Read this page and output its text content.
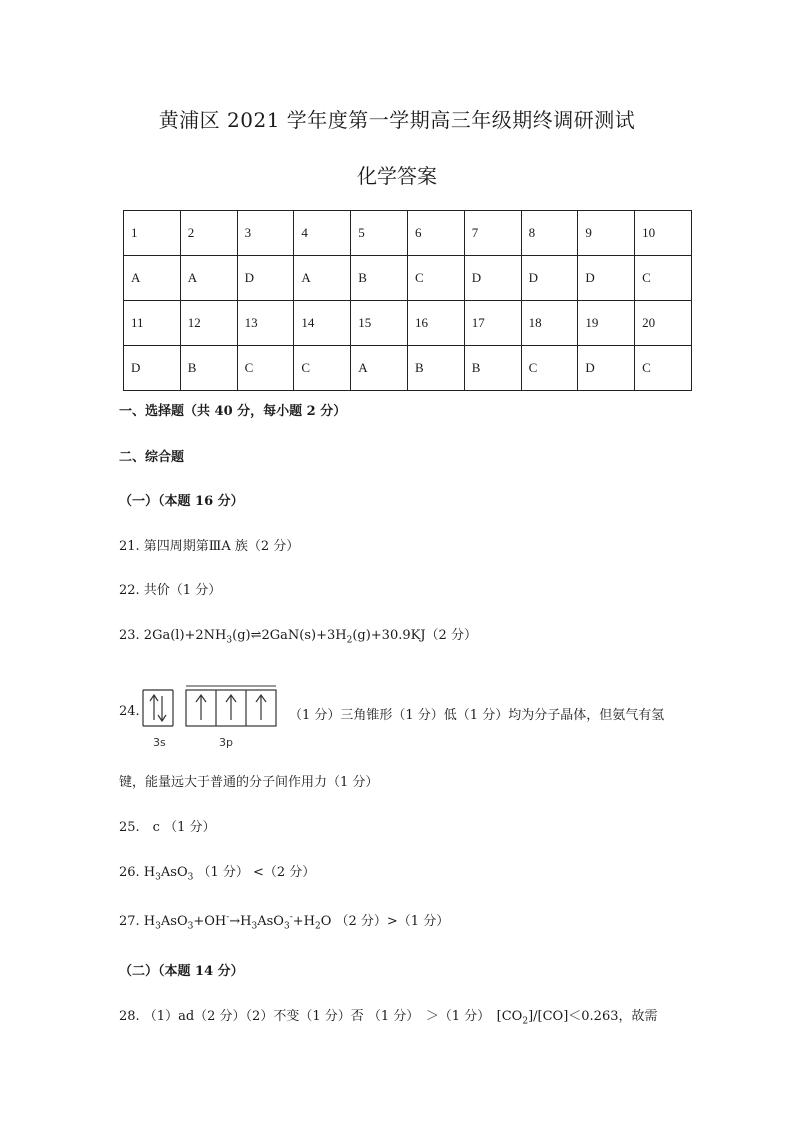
黄浦区 2021 学年度第一学期高三年级期终调研测试
化学答案
1	2	3	4	5	6	7	8	9	10
A	A	D	A	B	C	D	D	D	C
11	12	13	14	15	16	17	18	19	20
D	B	C	C	A	B	B	C	D	C
一、选择题（共 40 分，每小题 2 分）
二、综合题
（一）（本题 16 分）
21. 第四周期第ⅢA 族（2 分）
22. 共价（1 分）
23. $2Ga(l)+2NH_3(g)\rightleftharpoons 2GaN(s)+3H_2(g)+30.9KJ(2$ 分）
24.
3s	3p
（1 分）三角锥形（1 分）低（1 分）均为分子晶体，但氨气有氢
键，能量远大于普通的分子间作用力（1 分）
25.　c （1 分）
26. $H_3AsO_3$ （1 分） <（2 分）
27. $H_3AsO_3+OH^-\to H_3AsO_3^-+H_2O$ （2 分）>（1 分）
（二）（本题 14 分）
28. （1）ad（2 分）（2）不变（1 分）否 （1 分）　＞（1 分）　$[CO_2]/[CO]<0.263$，故需
